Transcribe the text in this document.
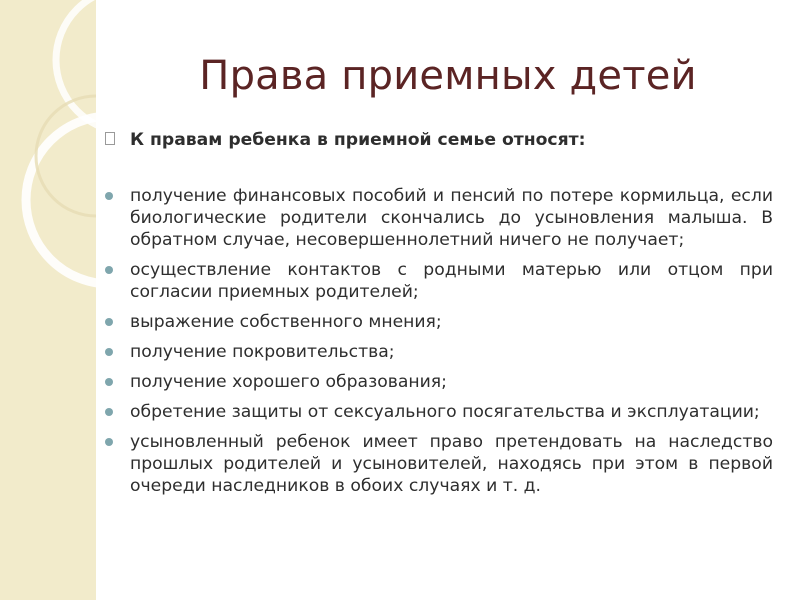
Права приемных детей
К правам ребенка в приемной семье относят:
получение финансовых пособий и пенсий по потере кормильца, если биологические родители скончались до усыновления малыша. В обратном случае, несовершеннолетний ничего не получает;
осуществление контактов с родными матерью или отцом при согласии приемных родителей;
выражение собственного мнения;
получение покровительства;
получение хорошего образования;
обретение защиты от сексуального посягательства и эксплуатации;
усыновленный ребенок имеет право претендовать на наследство прошлых родителей и усыновителей, находясь при этом в первой очереди наследников в обоих случаях и т. д.
